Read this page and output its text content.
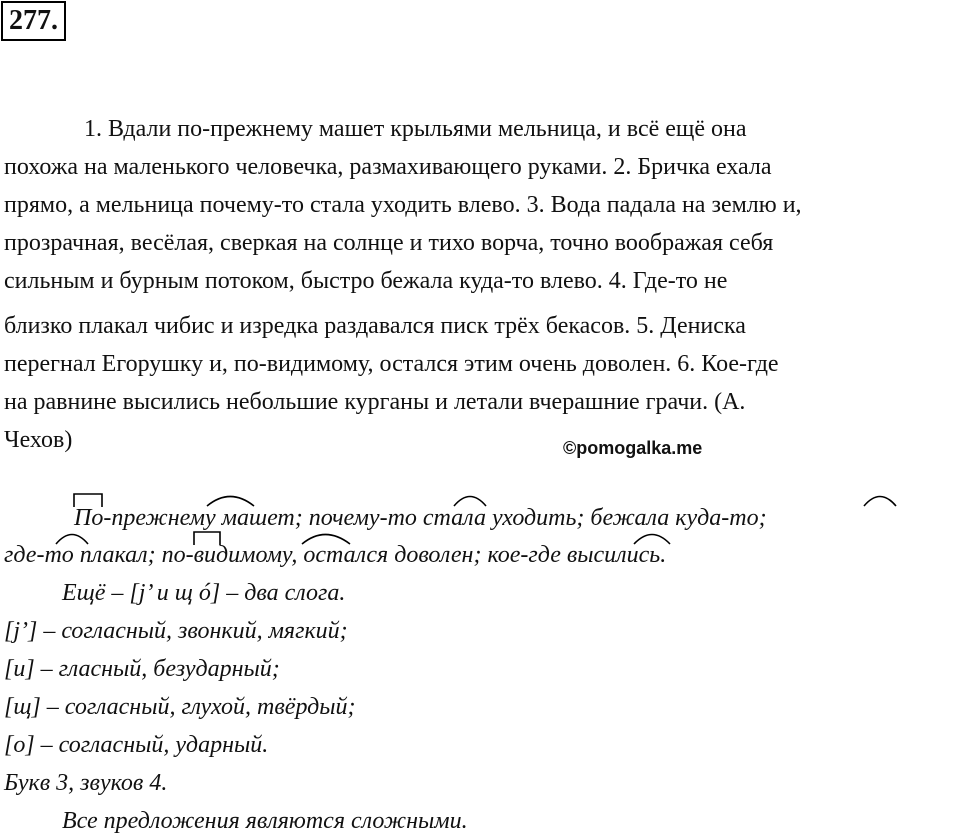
277.
1. Вдали по-прежнему машет крыльями мельница, и всё ещё она
похожа на маленького человечка, размахивающего руками. 2. Бричка ехала
прямо, а мельница почему-то стала уходить влево. 3. Вода падала на землю и,
прозрачная, весёлая, сверкая на солнце и тихо ворча, точно воображая себя
сильным и бурным потоком, быстро бежала куда-то влево. 4. Где-то не
близко плакал чибис и изредка раздавался писк трёх бекасов. 5. Дениска
перегнал Егорушку и, по-видимому, остался этим очень доволен. 6. Кое-где
на равнине высились небольшие курганы и летали вчерашние грачи. (А.
Чехов)	©pomogalka.me
По-прежнему машет; почему-то стала уходить; бежала куда-то;
где-то плакал; по-видимому, остался доволен; кое-где высились.
Ещё – [j’ и щ ó] – два слога.
[j’] – согласный, звонкий, мягкий;
[и] – гласный, безударный;
[щ] – согласный, глухой, твёрдый;
[о] – согласный, ударный.
Букв 3, звуков 4.
Все предложения являются сложными.
